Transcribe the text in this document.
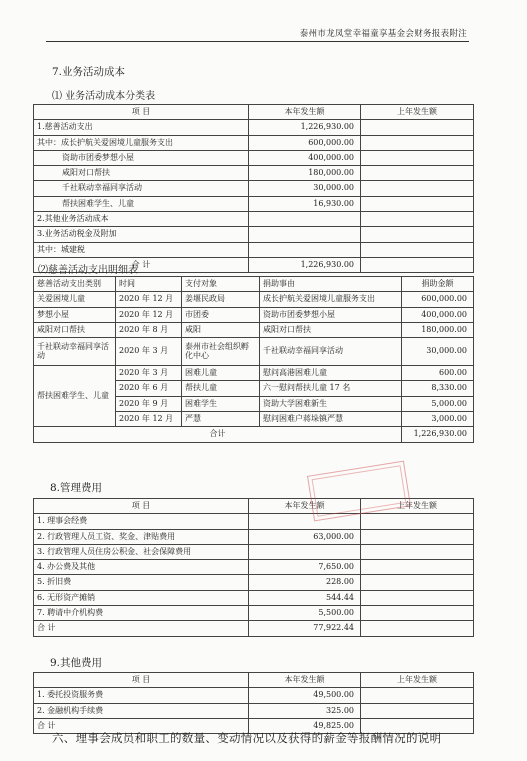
泰州市龙凤堂幸福童享基金会财务报表附注
7.业务活动成本
⑴ 业务活动成本分类表
项 目	本年发生额	上年发生额
1.慈善活动支出	1,226,930.00	
其中：成长护航关爱困境儿童服务支出	600,000.00	
资助市团委梦想小屋	400,000.00	
咸阳对口帮扶	180,000.00	
千社联动幸福同享活动	30,000.00	
帮扶困难学生、儿童	16,930.00	
2.其他业务活动成本		
3.业务活动税金及附加		
其中：城建税		
合 计	1,226,930.00	
⑵慈善活动支出明细表
慈善活动支出类别	时间	支付对象	捐助事由	捐助金额
关爱困境儿童	2020 年 12 月	姜堰民政局	成长护航关爱困境儿童服务支出	600,000.00
梦想小屋	2020 年 12 月	市团委	资助市团委梦想小屋	400,000.00
咸阳对口帮扶	2020 年 8 月	咸阳	咸阳对口帮扶	180,000.00
千社联动幸福同享活动	2020 年 3 月	泰州市社会组织孵化中心	千社联动幸福同享活动	30,000.00
帮扶困难学生、儿童	2020 年 3 月	困难儿童	慰问高港困难儿童	600.00
	2020 年 6 月	帮扶儿童	六一慰问帮扶儿童 17 名	8,330.00
	2020 年 9 月	困难学生	资助大学困难新生	5,000.00
	2020 年 12 月	严慧	慰问困难户蒋垛镇严慧	3,000.00
合计				1,226,930.00
8.管理费用
项 目	本年发生额	上年发生额
1. 理事会经费		
2. 行政管理人员工资、奖金、津贴费用	63,000.00	
3. 行政管理人员住房公积金、社会保障费用		
4. 办公费及其他	7,650.00	
5. 折旧费	228.00	
6. 无形资产摊销	544.44	
7. 聘请中介机构费	5,500.00	
合 计	77,922.44	
9.其他费用
项 目	本年发生额	上年发生额
1. 委托投资服务费	49,500.00	
2. 金融机构手续费	325.00	
合 计	49,825.00	
六、理事会成员和职工的数量、变动情况以及获得的薪金等报酬情况的说明
